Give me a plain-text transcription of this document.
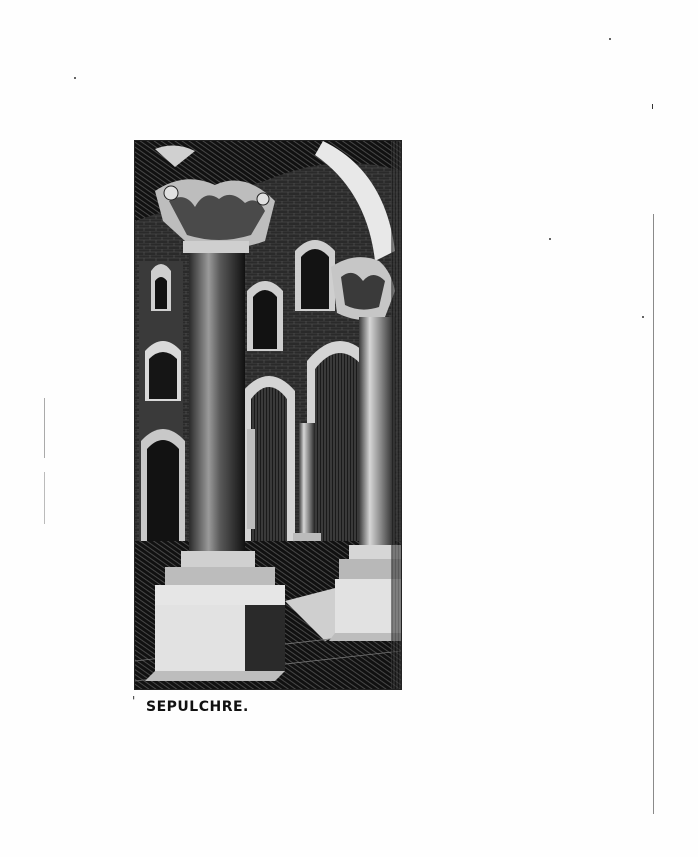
' SEPULCHRE.
